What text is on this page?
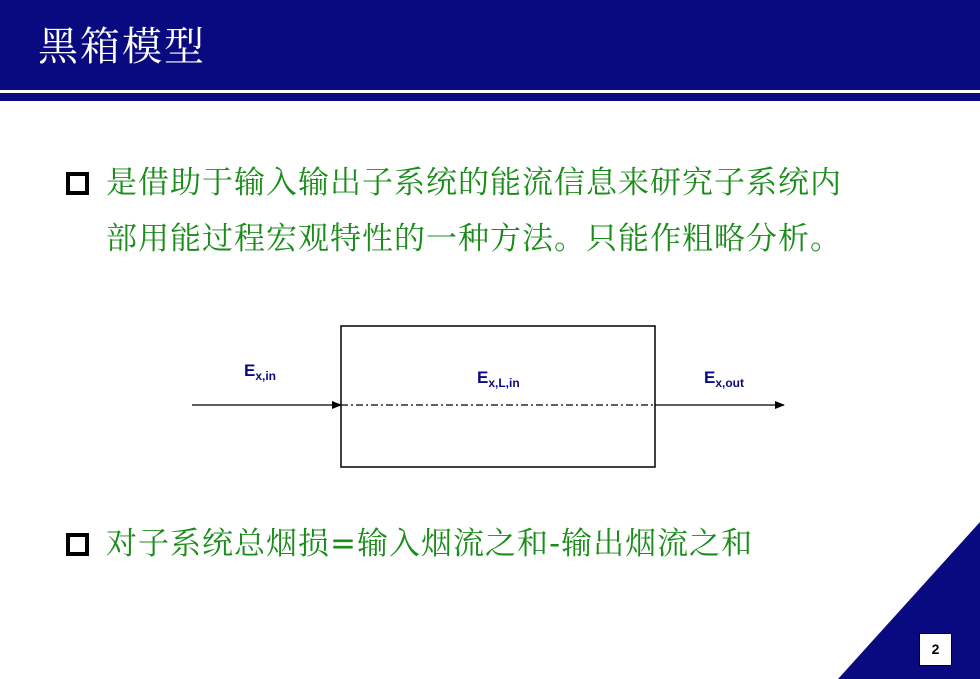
黑箱模型
是借助于输入输出子系统的能流信息来研究子系统内
部用能过程宏观特性的一种方法。只能作粗略分析。
$E_{x,in}$	$E_{x,L,in}$	$E_{x,out}$
对子系统总烟损=输入烟流之和-输出烟流之和
2
